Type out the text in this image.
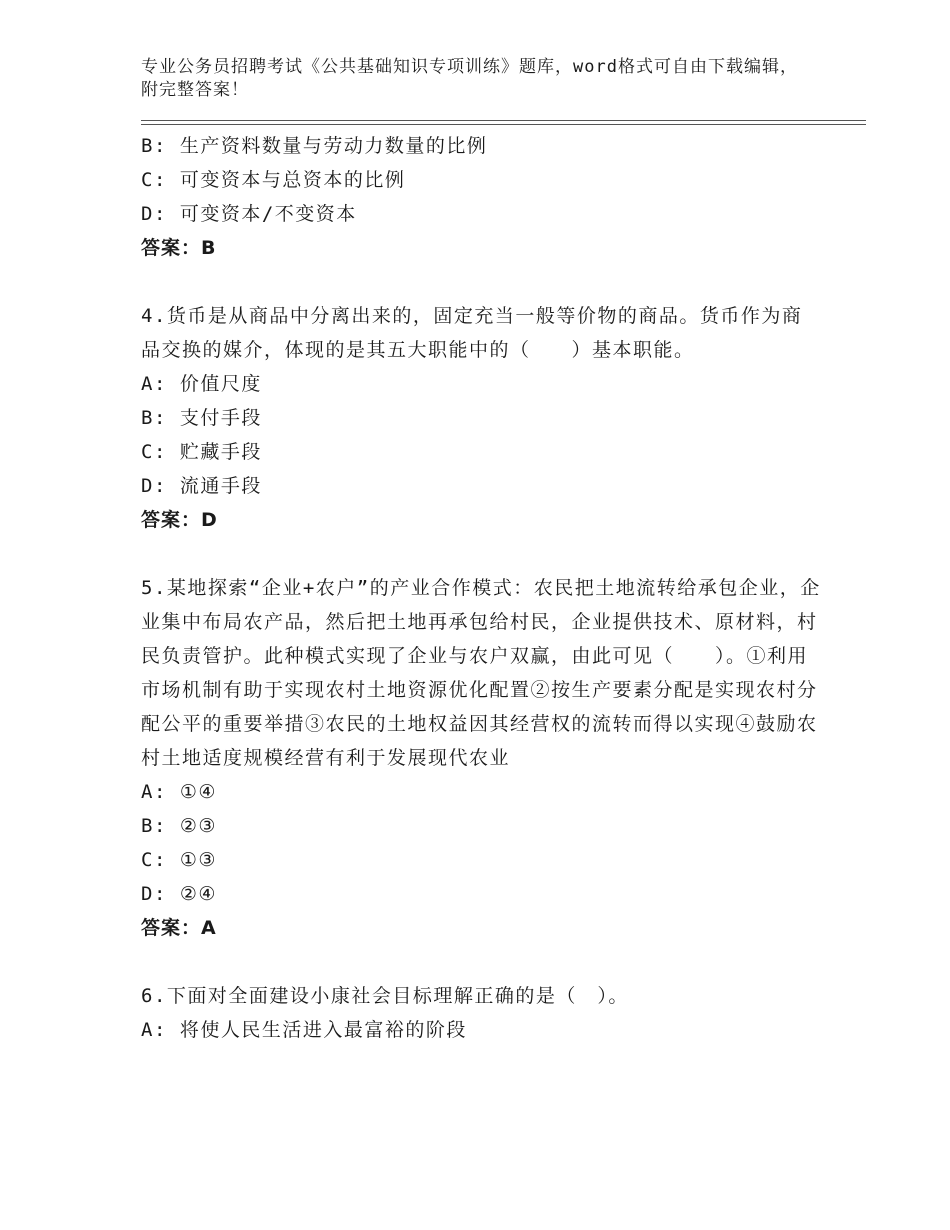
专业公务员招聘考试《公共基础知识专项训练》题库，word格式可自由下载编辑，附完整答案！

B: 生产资料数量与劳动力数量的比例

C: 可变资本与总资本的比例

D: 可变资本/不变资本

答案：B

4.货币是从商品中分离出来的，固定充当一般等价物的商品。货币作为商品交换的媒介，体现的是其五大职能中的（　　）基本职能。

A: 价值尺度

B: 支付手段

C: 贮藏手段

D: 流通手段

答案：D

5.某地探索“企业+农户”的产业合作模式：农民把土地流转给承包企业，企业集中布局农产品，然后把土地再承包给村民，企业提供技术、原材料，村民负责管护。此种模式实现了企业与农户双赢，由此可见（　　）。①利用市场机制有助于实现农村土地资源优化配置②按生产要素分配是实现农村分配公平的重要举措③农民的土地权益因其经营权的流转而得以实现④鼓励农村土地适度规模经营有利于发展现代农业

A: ①④

B: ②③

C: ①③

D: ②④

答案：A

6.下面对全面建设小康社会目标理解正确的是（　）。

A: 将使人民生活进入最富裕的阶段
